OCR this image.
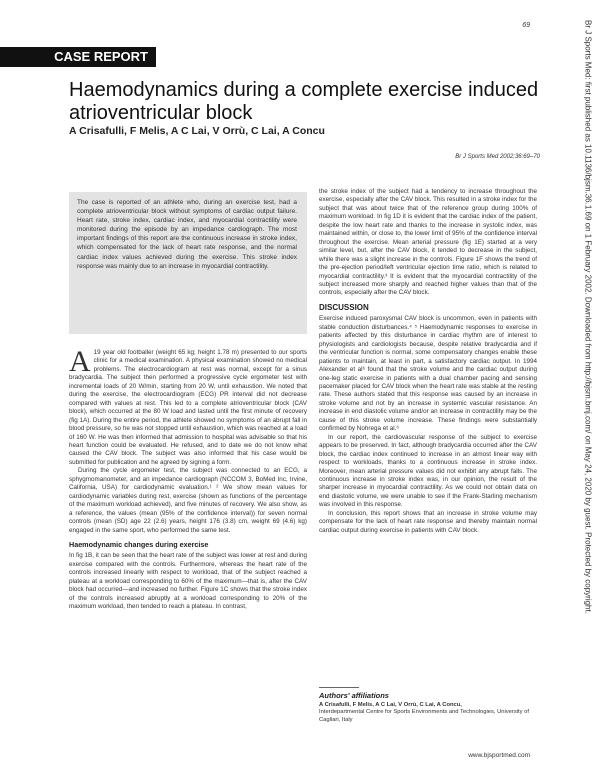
69
CASE REPORT
Haemodynamics during a complete exercise induced atrioventricular block
A Crisafulli, F Melis, A C Lai, V Orrù, C Lai, A Concu
Br J Sports Med 2002;36:69–70	Br J Sports Med: first published as 10.1136/bjsm.36.1.69 on 1 February 2002. Downloaded from http://bjsm.bmj.com/ on May 24, 2020 by guest. Protected by copyright.
The case is reported of an athlete who, during an exercise test, had a complete atrioventricular block without symptoms of cardiac output failure. Heart rate, stroke index, cardiac index, and myocardial contractility were monitored during the episode by an impedance cardiograph. The most important findings of this report are the continuous increase in stroke index, which compensated for the lack of heart rate response, and the normal cardiac index values achieved during the exercise. This stroke index response was mainly due to an increase in myocardial contractility.

A 19 year old footballer (weight 65 kg; height 1.78 m) presented to our sports clinic for a medical examination. A physical examination showed no medical problems. The electrocardiogram at rest was normal, except for a sinus bradycardia. The subject then performed a progressive cycle ergometer test with incremental loads of 20 W/min, starting from 20 W, until exhaustion. We noted that during the exercise, the electrocardiogram (ECG) PR interval did not decrease compared with values at rest. This led to a complete atrioventricular block (CAV block), which occurred at the 80 W load and lasted until the first minute of recovery (fig 1A). During the entire period, the athlete showed no symptoms of an abrupt fall in blood pressure, so he was not stopped until exhaustion, which was reached at a load of 160 W. He was then informed that admission to hospital was advisable so that his heart function could be evaluated. He refused, and to date we do not know what caused the CAV block. The subject was also informed that his case would be submitted for publication and he agreed by signing a form.

During the cycle ergometer test, the subject was connected to an ECG, a sphygmomanometer, and an impedance cardiograph (NCCOM 3, BoMed Inc, Irvine, California, USA) for cardiodynamic evaluation.¹ ² We show mean values for cardiodynamic variables during rest, exercise (shown as functions of the percentage of the maximum workload achieved), and five minutes of recovery. We also show, as a reference, the values (mean (95% of the confidence interval)) for seven normal controls (mean (SD) age 22 (2.6) years, height 176 (3.8) cm, weight 69 (4.6) kg) engaged in the same sport, who performed the same test.

Haemodynamic changes during exercise

In fig 1B, it can be seen that the heart rate of the subject was lower at rest and during exercise compared with the controls. Furthermore, whereas the heart rate of the controls increased linearly with respect to workload, that of the subject reached a plateau at a workload corresponding to 60% of the maximum—that is, after the CAV block had occurred—and increased no further. Figure 1C shows that the stroke index of the controls increased abruptly at a workload corresponding to 20% of the maximum workload, then tended to reach a plateau. In contrast,

the stroke index of the subject had a tendency to increase throughout the exercise, especially after the CAV block. This resulted in a stroke index for the subject that was about twice that of the reference group during 100% of maximum workload. In fig 1D it is evident that the cardiac index of the patient, despite the low heart rate and thanks to the increase in systolic index, was maintained within, or close to, the lower limit of 95% of the confidence interval throughout the exercise. Mean arterial pressure (fig 1E) started at a very similar level, but, after the CAV block, it tended to decrease in the subject, while there was a slight increase in the controls. Figure 1F shows the trend of the pre-ejection period/left ventricular ejection time ratio, which is related to myocardial contractility.³ It is evident that the myocardial contractility of the subject increased more sharply and reached higher values than that of the controls, especially after the CAV block.

DISCUSSION

Exercise induced paroxysmal CAV block is uncommon, even in patients with stable conduction disturbances.⁴ ⁵ Haemodynamic responses to exercise in patients affected by this disturbance in cardiac rhythm are of interest to physiologists and cardiologists because, despite relative bradycardia and if the ventricular function is normal, some compensatory changes enable these patients to maintain, at least in part, a satisfactory cardiac output. In 1994 Alexander et al⁶ found that the stroke volume and the cardiac output during one-leg static exercise in patients with a dual chamber pacing and sensing pacemaker placed for CAV block when the heart rate was stable at the resting rate. These authors stated that this response was caused by an increase in stroke volume and not by an increase in systemic vascular resistance. An increase in end diastolic volume and/or an increase in contractility may be the cause of this stroke volume increase. These findings were substantially confirmed by Nohrega et al.⁶

In our report, the cardiovascular response of the subject to exercise appears to be preserved. In fact, although bradycardia occurred after the CAV block, the cardiac index continued to increase in an almost linear way with respect to workloads, thanks to a continuous increase in stroke index. Moreover, mean arterial pressure values did not exhibit any abrupt falls. The continuous increase in stroke index was, in our opinion, the result of the sharper increase in myocardial contractility. As we could not obtain data on end diastolic volume, we were unable to see if the Frank-Starling mechanism was involved in this response.

In conclusion, this report shows that an increase in stroke volume may compensate for the lack of heart rate response and thereby maintain normal cardiac output during exercise in patients with CAV block.

Authors' affiliations
A Crisafulli, F Melis, A C Lai, V Orrù, C Lai, A Concu,
Interdepartmental Centre for Sports Environments and Technologies, University of Cagliari, Italy
www.bjsportmed.com
